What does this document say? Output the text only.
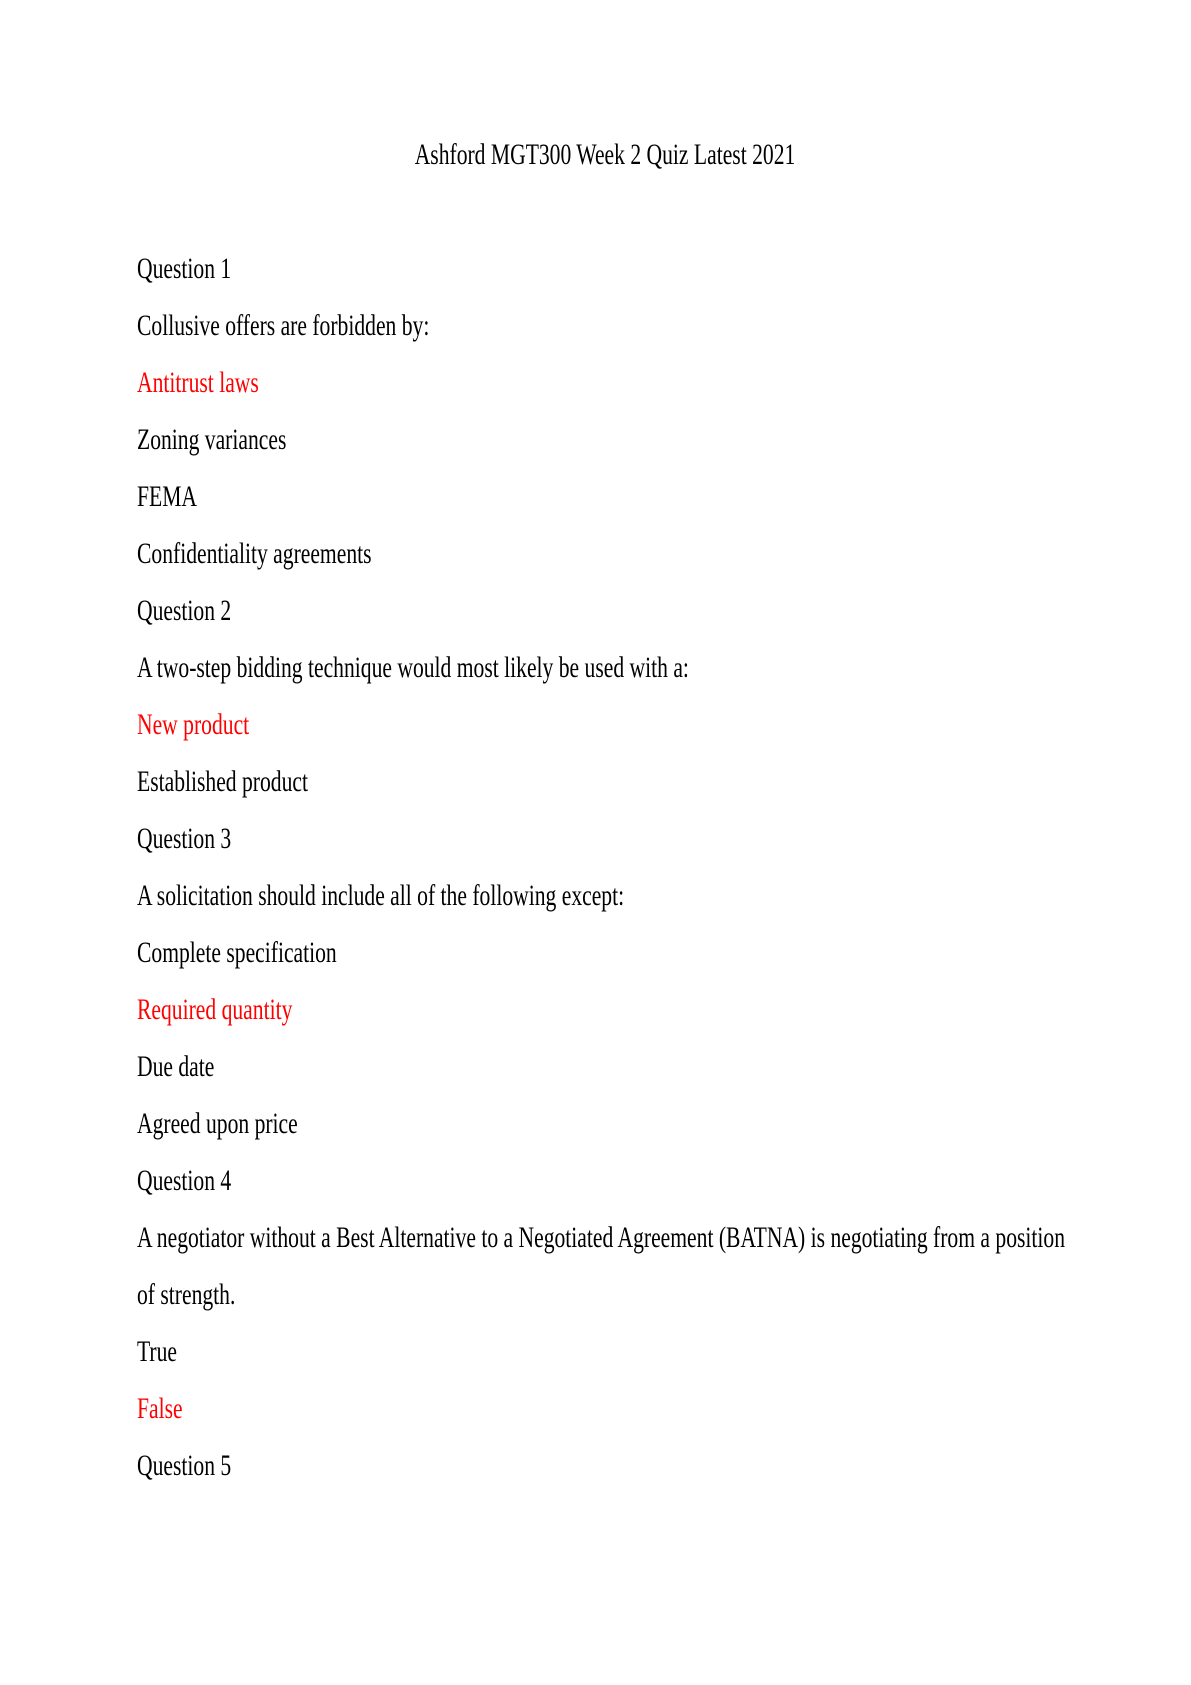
Ashford MGT300 Week 2 Quiz Latest 2021

Question 1

Collusive offers are forbidden by:

Antitrust laws

Zoning variances

FEMA

Confidentiality agreements

Question 2

A two-step bidding technique would most likely be used with a:

New product

Established product

Question 3

A solicitation should include all of the following except:

Complete specification

Required quantity

Due date

Agreed upon price

Question 4

A negotiator without a Best Alternative to a Negotiated Agreement (BATNA) is negotiating from a position of strength.

True

False

Question 5
